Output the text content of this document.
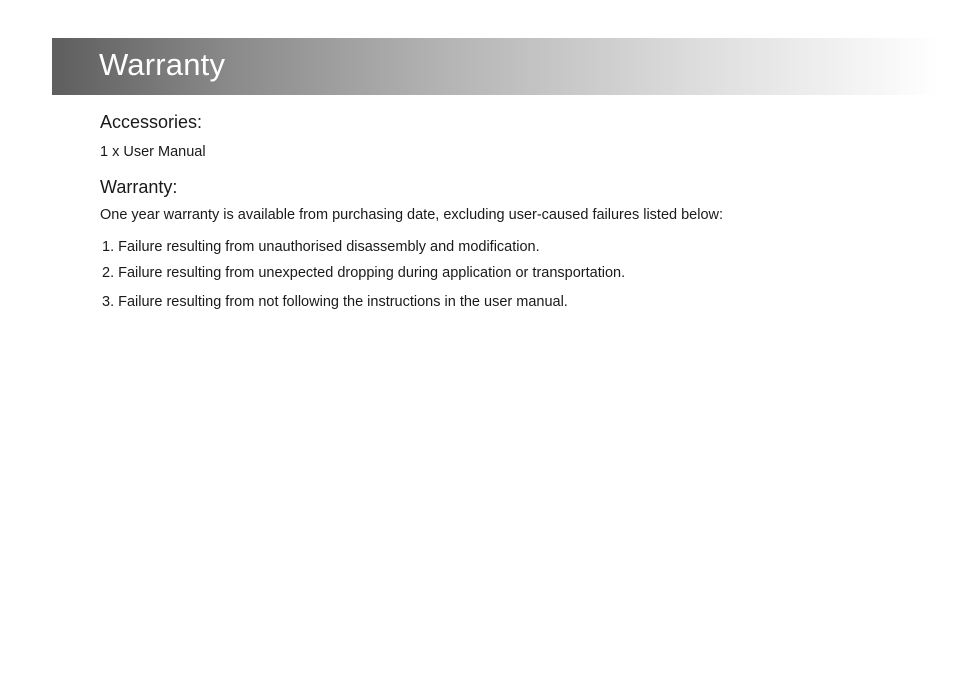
Warranty
Accessories:

1 x User Manual

Warranty:

One year warranty is available from purchasing date, excluding user-caused failures listed below:

1. Failure resulting from unauthorised disassembly and modification.
2. Failure resulting from unexpected dropping during application or transportation.
3. Failure resulting from not following the instructions in the user manual.
